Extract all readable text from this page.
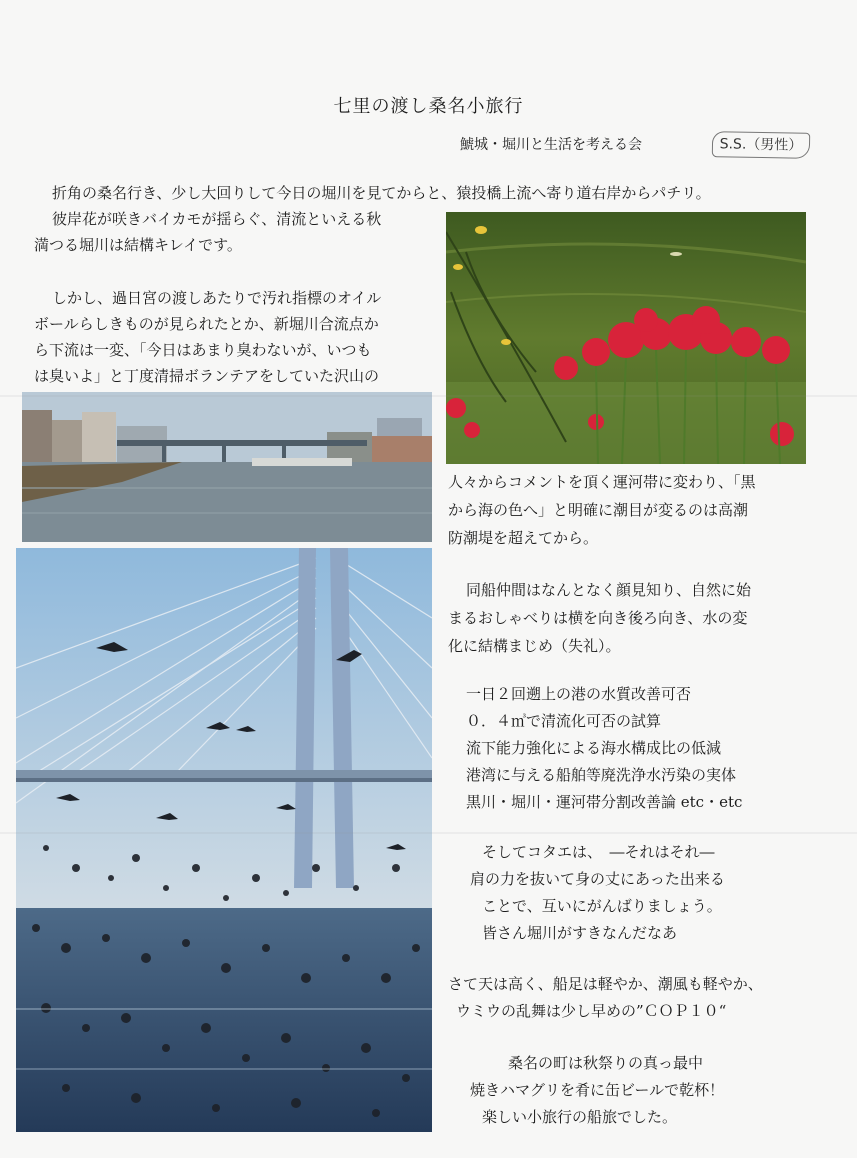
七里の渡し桑名小旅行
鯱城・堀川と生活を考える会	S.S.（男性）
折角の桑名行き、少し大回りして今日の堀川を見てからと、猿投橋上流へ寄り道右岸からパチリ。
彼岸花が咲きバイカモが揺らぐ、清流といえる秋
満つる堀川は結構キレイです。
しかし、過日宮の渡しあたりで汚れ指標のオイル
ボールらしきものが見られたとか、新堀川合流点か
ら下流は一変、「今日はあまり臭わないが、いつも
は臭いよ」と丁度清掃ボランテアをしていた沢山の
人々からコメントを頂く運河帯に変わり、「黒
から海の色へ」と明確に潮目が変るのは高潮
防潮堤を超えてから。
同船仲間はなんとなく顔見知り、自然に始
まるおしゃべりは横を向き後ろ向き、水の変
化に結構まじめ（失礼）。
一日２回遡上の港の水質改善可否
０．４㎥で清流化可否の試算
流下能力強化による海水構成比の低減
港湾に与える船舶等廃洗浄水汚染の実体
黒川・堀川・運河帯分割改善論 etc・etc
そしてコタエは、　―それはそれ―
肩の力を抜いて身の丈にあった出来る
ことで、互いにがんばりましょう。
皆さん堀川がすきなんだなあ
さて天は高く、船足は軽やか、潮風も軽やか、
ウミウの乱舞は少し早めの”ＣＯＰ１０“
桑名の町は秋祭りの真っ最中
焼きハマグリを肴に缶ビールで乾杯！
楽しい小旅行の船旅でした。
